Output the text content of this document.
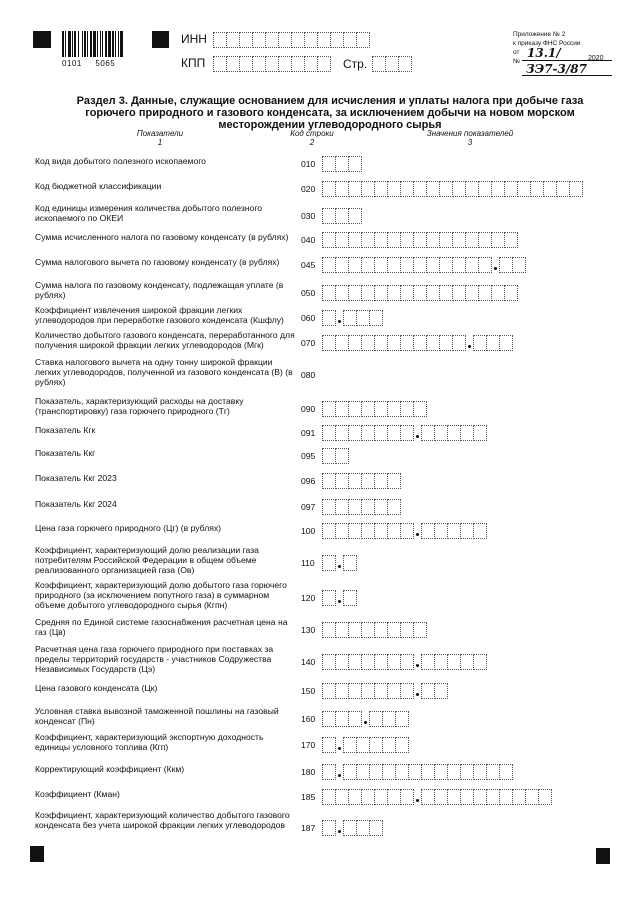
0101 5065
ИНН
КПП	Стр.
Приложение № 2
к приказу ФНС России
от
№
13.1/	2020
ЗЭ7-3/87
Раздел 3. Данные, служащие основанием для исчисления и уплаты налога при добыче газа горючего природного и газового конденсата, за исключением добычи на новом морском месторождении углеводородного сырья
Показатели
1
Код строки
2
Значения показателей
3
Код вида добытого полезного ископаемого	010
Код бюджетной классификации	020
Код единицы измерения количества добытого полезного ископаемого по ОКЕИ	030
Сумма исчисленного налога по газовому конденсату (в рублях)	040
Сумма налогового вычета по газовому конденсату (в рублях)	045
Сумма налога по газовому конденсату, подлежащая уплате (в рублях)	050
Коэффициент извлечения широкой фракции легких углеводородов при переработке газового конденсата (Кшфлу)	060
Количество добытого газового конденсата, переработанного для получения широкой фракции легких углеводородов (Мгк)	070
Ставка налогового вычета на одну тонну широкой фракции легких углеводородов, полученной из газового конденсата (В) (в рублях)
080
Показатель, характеризующий расходы на доставку (транспортировку) газа горючего природного (Тг)	090
Показатель Кгк	091
Показатель Ккг	095
Показатель Ккг 2023	096
Показатель Ккг 2024	097
Цена газа горючего природного (Цг) (в рублях)	100
Коэффициент, характеризующий долю реализации газа потребителям Российской Федерации в общем объеме реализованного организацией газа (Ов)
110
Коэффициент, характеризующий долю добытого газа горючего природного (за исключением попутного газа) в суммарном объеме добытого углеводородного сырья (Кгпн)
120
Средняя по Единой системе газоснабжения расчетная цена на газ (Цв)	130
Расчетная цена газа горючего природного при поставках за пределы территорий государств - участников Содружества Независимых Государств (Цэ)
140
Цена газового конденсата (Цк)	150
Условная ставка вывозной таможенной пошлины на газовый конденсат (Пн)	160
Коэффициент, характеризующий экспортную доходность единицы условного топлива (Кгп)	170
Корректирующий коэффициент (Ккм)	180
Коэффициент (Кман)	185
Коэффициент, характеризующий количество добытого газового конденсата без учета широкой фракции легких углеводородов	187
